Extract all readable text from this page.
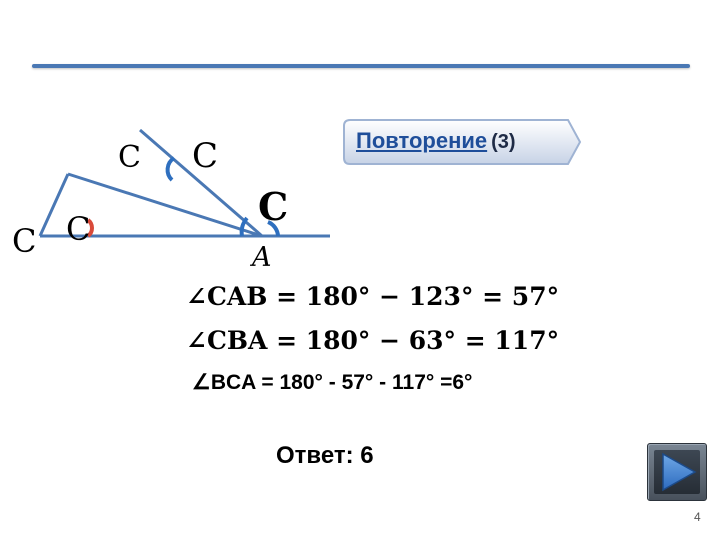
C C
C
C C
A
Повторение (3)
∠CAB = 180° − 123° = 57°
∠CBA = 180° − 63° = 117°
∠BCA = 180° - 57° - 117° =6°
Ответ: 6
4
